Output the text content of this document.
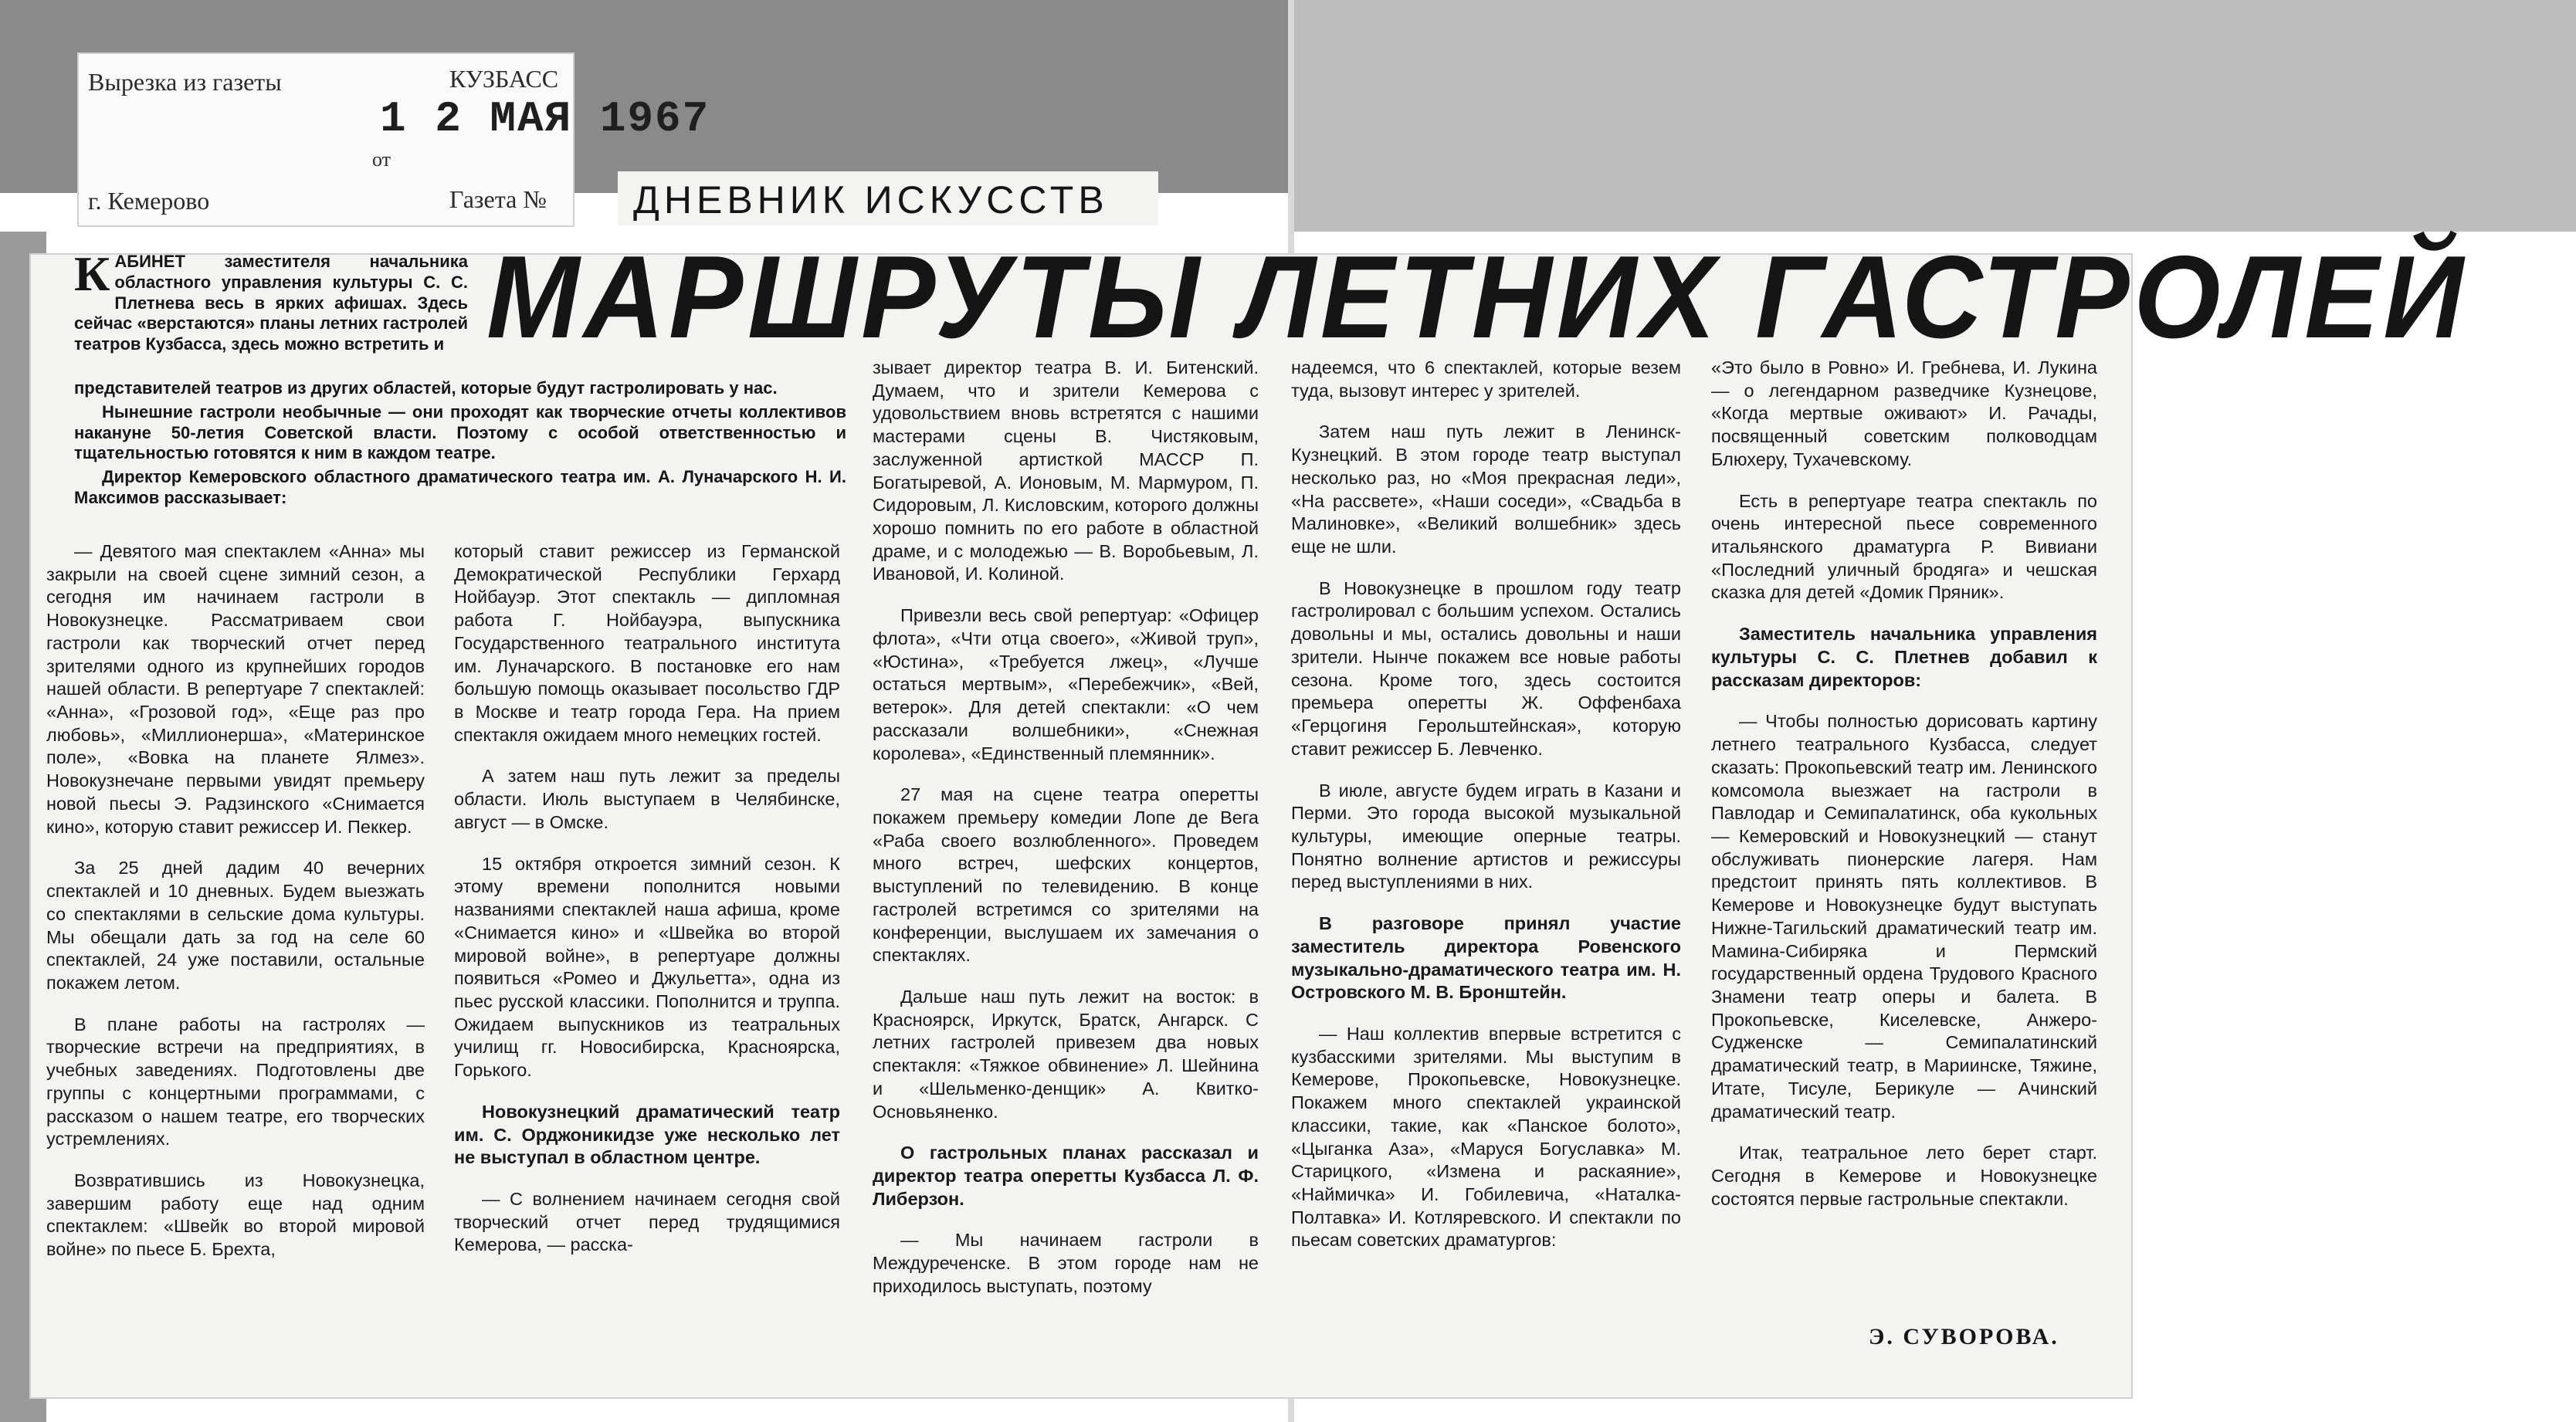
Вырезка из газеты	КУЗБАСС
1 2 МАЯ 1967
от
г. Кемерово	Газета № ДНЕВНИК ИСКУССТВ
МАРШРУТЫ ЛЕТНИХ ГАСТРОЛЕЙ
КАБИНЕТ заместителя начальника областного управления культуры С. С. Плетнева весь в ярких афишах. Здесь сейчас «верстаются» планы летних гастролей театров Кузбасса, здесь можно встретить и

представителей театров из других областей, которые будут гастролировать у нас.

Нынешние гастроли необычные — они проходят как творческие отчеты коллективов накануне 50-летия Советской власти. Поэтому с особой ответственностью и тщательностью готовятся к ним в каждом театре.

Директор Кемеровского областного драматического театра им. А. Луначарского Н. И. Максимов рассказывает:

— Девятого мая спектаклем «Анна» мы закрыли на своей сцене зимний сезон, а сегодня им начинаем гастроли в Новокузнецке. Рассматриваем свои гастроли как творческий отчет перед зрителями одного из крупнейших городов нашей области. В репертуаре 7 спектаклей: «Анна», «Грозовой год», «Еще раз про любовь», «Миллионерша», «Материнское поле», «Вовка на планете Ялмез». Новокузнечане первыми увидят премьеру новой пьесы Э. Радзинского «Снимается кино», которую ставит режиссер И. Пеккер.

За 25 дней дадим 40 вечерних спектаклей и 10 дневных. Будем выезжать со спектаклями в сельские дома культуры. Мы обещали дать за год на селе 60 спектаклей, 24 уже поставили, остальные покажем летом.

В плане работы на гастролях — творческие встречи на предприятиях, в учебных заведениях. Подготовлены две группы с концертными программами, с рассказом о нашем театре, его творческих устремлениях.

Возвратившись из Новокузнецка, завершим работу еще над одним спектаклем: «Швейк во второй мировой войне» по пьесе Б. Брехта,

который ставит режиссер из Германской Демократической Республики Герхард Нойбауэр. Этот спектакль — дипломная работа Г. Нойбауэра, выпускника Государственного театрального института им. Луначарского. В постановке его нам большую помощь оказывает посольство ГДР в Москве и театр города Гера. На прием спектакля ожидаем много немецких гостей.

А затем наш путь лежит за пределы области. Июль выступаем в Челябинске, август — в Омске.

15 октября откроется зимний сезон. К этому времени пополнится новыми названиями спектаклей наша афиша, кроме «Снимается кино» и «Швейка во второй мировой войне», в репертуаре должны появиться «Ромео и Джульетта», одна из пьес русской классики. Пополнится и труппа. Ожидаем выпускников из театральных училищ гг. Новосибирска, Красноярска, Горького.

Новокузнецкий драматический театр им. С. Орджоникидзе уже несколько лет не выступал в областном центре.

— С волнением начинаем сегодня свой творческий отчет перед трудящимися Кемерова, — расска-

зывает директор театра В. И. Битенский. Думаем, что и зрители Кемерова с удовольствием вновь встретятся с нашими мастерами сцены В. Чистяковым, заслуженной артисткой МАССР П. Богатыревой, А. Ионовым, М. Мармуром, П. Сидоровым, Л. Кисловским, которого должны хорошо помнить по его работе в областной драме, и с молодежью — В. Воробьевым, Л. Ивановой, И. Колиной.

Привезли весь свой репертуар: «Офицер флота», «Чти отца своего», «Живой труп», «Юстина», «Требуется лжец», «Лучше остаться мертвым», «Перебежчик», «Вей, ветерок». Для детей спектакли: «О чем рассказали волшебники», «Снежная королева», «Единственный племянник».

27 мая на сцене театра оперетты покажем премьеру комедии Лопе де Вега «Раба своего возлюбленного». Проведем много встреч, шефских концертов, выступлений по телевидению. В конце гастролей встретимся со зрителями на конференции, выслушаем их замечания о спектаклях.

Дальше наш путь лежит на восток: в Красноярск, Иркутск, Братск, Ангарск. С летних гастролей привезем два новых спектакля: «Тяжкое обвинение» Л. Шейнина и «Шельменко-денщик» А. Квитко-Основьяненко.

О гастрольных планах рассказал и директор театра оперетты Кузбасса Л. Ф. Либерзон.

— Мы начинаем гастроли в Междуреченске. В этом городе нам не приходилось выступать, поэтому

надеемся, что 6 спектаклей, которые везем туда, вызовут интерес у зрителей.

Затем наш путь лежит в Ленинск-Кузнецкий. В этом городе театр выступал несколько раз, но «Моя прекрасная леди», «На рассвете», «Наши соседи», «Свадьба в Малиновке», «Великий волшебник» здесь еще не шли.

В Новокузнецке в прошлом году театр гастролировал с большим успехом. Остались довольны и мы, остались довольны и наши зрители. Нынче покажем все новые работы сезона. Кроме того, здесь состоится премьера оперетты Ж. Оффенбаха «Герцогиня Герольштейнская», которую ставит режиссер Б. Левченко.

В июле, августе будем играть в Казани и Перми. Это города высокой музыкальной культуры, имеющие оперные театры. Понятно волнение артистов и режиссуры перед выступлениями в них.

В разговоре принял участие заместитель директора Ровенского музыкально-драматического театра им. Н. Островского М. В. Бронштейн.

— Наш коллектив впервые встретится с кузбасскими зрителями. Мы выступим в Кемерове, Прокопьевске, Новокузнецке. Покажем много спектаклей украинской классики, такие, как «Панское болото», «Цыганка Аза», «Маруся Богуславка» М. Старицкого, «Измена и раскаяние», «Наймичка» И. Гобилевича, «Наталка-Полтавка» И. Котляревского. И спектакли по пьесам советских драматургов:

«Это было в Ровно» И. Гребнева, И. Лукина — о легендарном разведчике Кузнецове, «Когда мертвые оживают» И. Рачады, посвященный советским полководцам Блюхеру, Тухачевскому.

Есть в репертуаре театра спектакль по очень интересной пьесе современного итальянского драматурга Р. Вивиани «Последний уличный бродяга» и чешская сказка для детей «Домик Пряник».

Заместитель начальника управления культуры С. С. Плетнев добавил к рассказам директоров:

— Чтобы полностью дорисовать картину летнего театрального Кузбасса, следует сказать: Прокопьевский театр им. Ленинского комсомола выезжает на гастроли в Павлодар и Семипалатинск, оба кукольных — Кемеровский и Новокузнецкий — станут обслуживать пионерские лагеря. Нам предстоит принять пять коллективов. В Кемерове и Новокузнецке будут выступать Нижне-Тагильский драматический театр им. Мамина-Сибиряка и Пермский государственный ордена Трудового Красного Знамени театр оперы и балета. В Прокопьевске, Киселевске, Анжеро-Судженске — Семипалатинский драматический театр, в Мариинске, Тяжине, Итате, Тисуле, Берикуле — Ачинский драматический театр.

Итак, театральное лето берет старт. Сегодня в Кемерове и Новокузнецке состоятся первые гастрольные спектакли.

Э. СУВОРОВА.
